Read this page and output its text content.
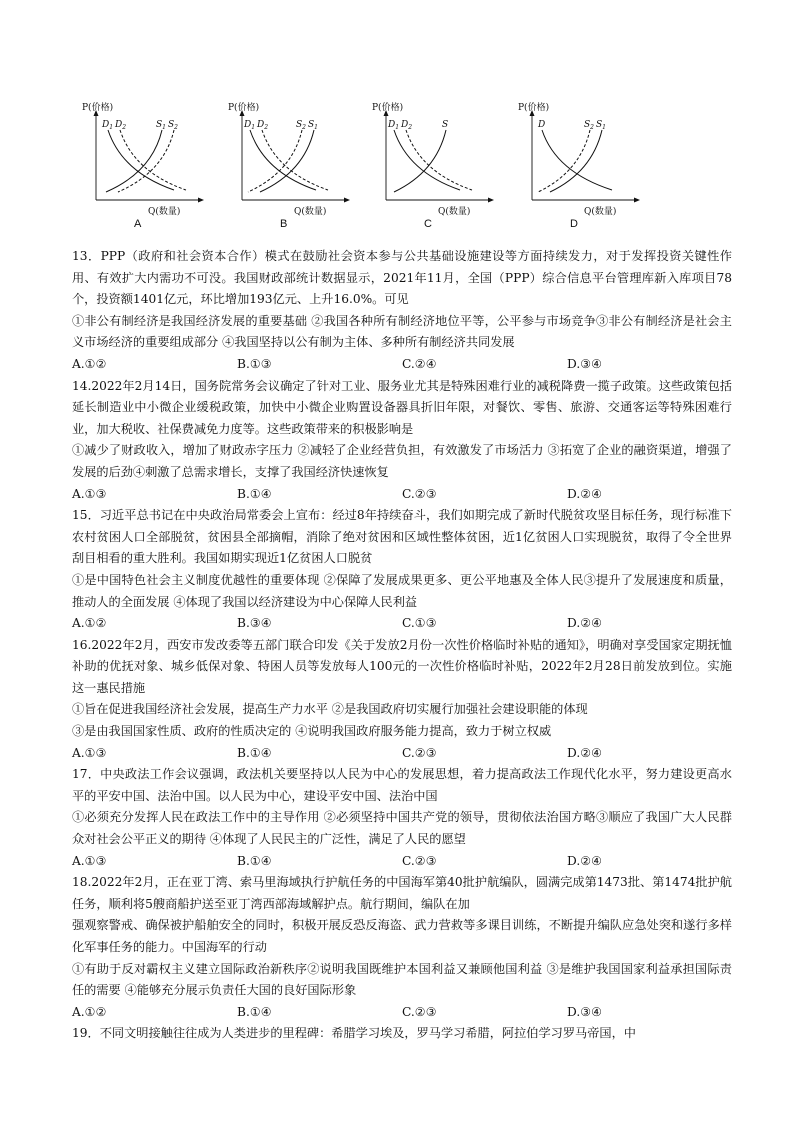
P(价格)
Q(数量)
$D_1$ $D_2$	$S_1$ $S_2$
A
P(价格)
Q(数量)
$D_1$ $D_2$	$S_2$ $S_1$
B
P(价格)
Q(数量)
$D_1$ $D_2$	S
C
P(价格)
Q(数量)
D	$S_2$ $S_1$
D

13．PPP（政府和社会资本合作）模式在鼓励社会资本参与公共基础设施建设等方面持续发力，对于发挥投资关键性作用、有效扩大内需功不可没。我国财政部统计数据显示，2021年11月，全国（PPP）综合信息平台管理库新入库项目78个，投资额1401亿元，环比增加193亿元、上升16.0%。可见

①非公有制经济是我国经济发展的重要基础 ②我国各种所有制经济地位平等，公平参与市场竞争③非公有制经济是社会主义市场经济的重要组成部分 ④我国坚持以公有制为主体、多种所有制经济共同发展

A.①②	B.①③	C.②④	D.③④

14.2022年2月14日，国务院常务会议确定了针对工业、服务业尤其是特殊困难行业的减税降费一揽子政策。这些政策包括延长制造业中小微企业缓税政策，加快中小微企业购置设备器具折旧年限，对餐饮、零售、旅游、交通客运等特殊困难行业，加大税收、社保费减免力度等。这些政策带来的积极影响是

①减少了财政收入，增加了财政赤字压力 ②减轻了企业经营负担，有效激发了市场活力 ③拓宽了企业的融资渠道，增强了发展的后劲④刺激了总需求增长，支撑了我国经济快速恢复

A.①③	B.①④	C.②③	D.②④

15．习近平总书记在中央政治局常委会上宣布：经过8年持续奋斗，我们如期完成了新时代脱贫攻坚目标任务，现行标准下农村贫困人口全部脱贫，贫困县全部摘帽，消除了绝对贫困和区域性整体贫困，近1亿贫困人口实现脱贫，取得了令全世界刮目相看的重大胜利。我国如期实现近1亿贫困人口脱贫

①是中国特色社会主义制度优越性的重要体现 ②保障了发展成果更多、更公平地惠及全体人民③提升了发展速度和质量，推动人的全面发展 ④体现了我国以经济建设为中心保障人民利益

A.①②	B.③④	C.①③	D.②④

16.2022年2月，西安市发改委等五部门联合印发《关于发放2月份一次性价格临时补贴的通知》，明确对享受国家定期抚恤补助的优抚对象、城乡低保对象、特困人员等发放每人100元的一次性价格临时补贴，2022年2月28日前发放到位。实施这一惠民措施

①旨在促进我国经济社会发展，提高生产力水平 ②是我国政府切实履行加强社会建设职能的体现

③是由我国国家性质、政府的性质决定的 ④说明我国政府服务能力提高，致力于树立权威

A.①③	B.①④	C.②③	D.②④

17．中央政法工作会议强调，政法机关要坚持以人民为中心的发展思想，着力提高政法工作现代化水平，努力建设更高水平的平安中国、法治中国。以人民为中心，建设平安中国、法治中国

①必须充分发挥人民在政法工作中的主导作用 ②必须坚持中国共产党的领导，贯彻依法治国方略③顺应了我国广大人民群众对社会公平正义的期待 ④体现了人民民主的广泛性，满足了人民的愿望

A.①③	B.①④	C.②③	D.②④

18.2022年2月，正在亚丁湾、索马里海域执行护航任务的中国海军第40批护航编队，圆满完成第1473批、第1474批护航任务，顺利将5艘商船护送至亚丁湾西部海域解护点。航行期间，编队在加

强观察警戒、确保被护船舶安全的同时，积极开展反恐反海盗、武力营救等多课目训练，不断提升编队应急处突和遂行多样化军事任务的能力。中国海军的行动

①有助于反对霸权主义建立国际政治新秩序②说明我国既维护本国利益又兼顾他国利益 ③是维护我国国家利益承担国际责任的需要 ④能够充分展示负责任大国的良好国际形象

A.①②	B.①④	C.②③	D.③④

19．不同文明接触往往成为人类进步的里程碑：希腊学习埃及，罗马学习希腊，阿拉伯学习罗马帝国，中
